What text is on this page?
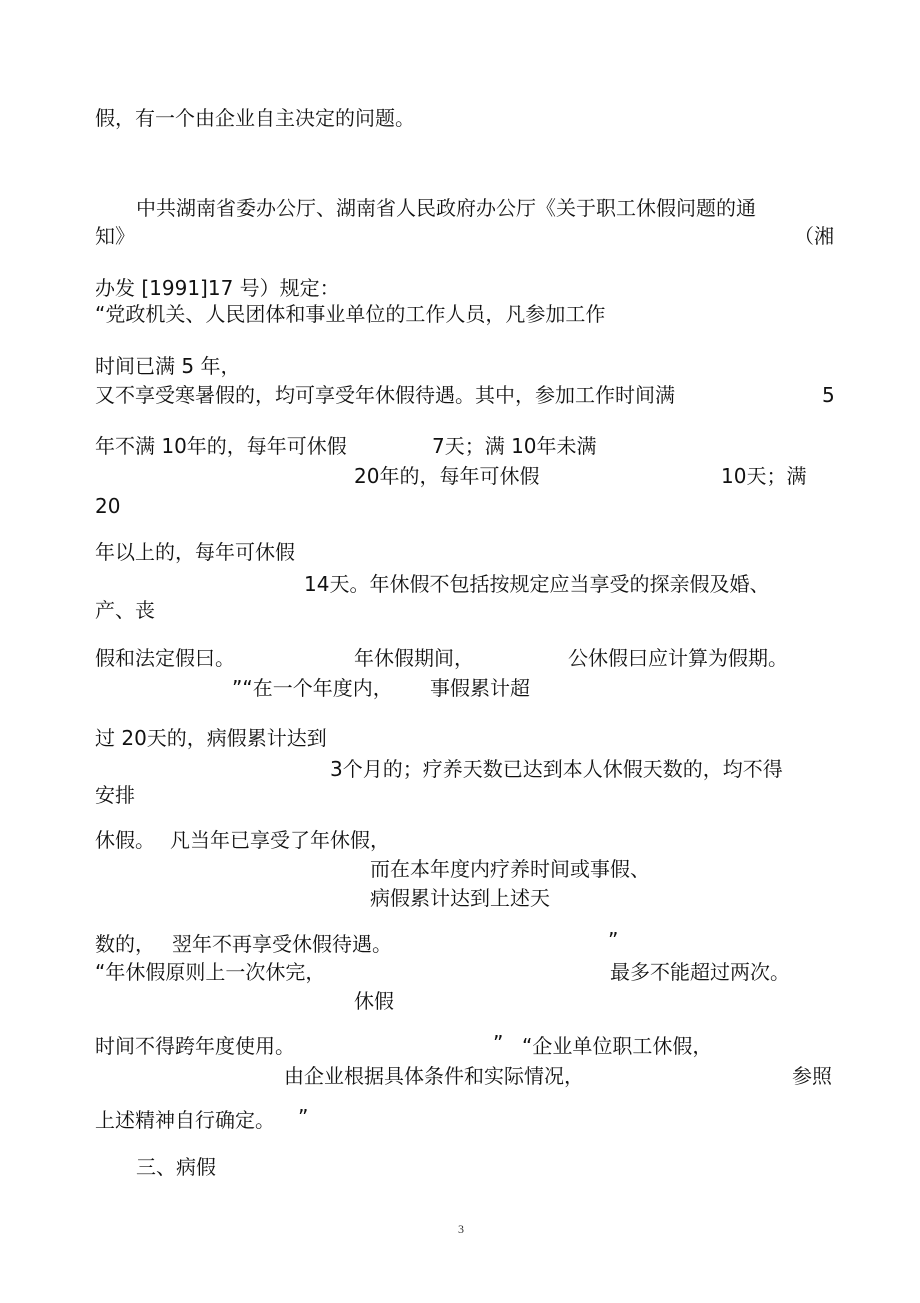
假，有一个由企业自主决定的问题。

中共湖南省委办公厅、湖南省人民政府办公厅《关于职工休假问题的通

知》	（湘

办发 [1991]17 号）规定：

“党政机关、人民团体和事业单位的工作人员，凡参加工作

时间已满 5 年，

又不享受寒暑假的，均可享受年休假待遇。其中，参加工作时间满	5

年不满 10年的，每年可休假	7天；满 10年未满

20年的，每年可休假	10天；满

20

年以上的，每年可休假

14天。年休假不包括按规定应当享受的探亲假及婚、

产、丧

假和法定假曰。	年休假期间，	公休假曰应计算为假期。

”“在一个年度内， 事假累计超

过 20天的，病假累计达到

3个月的；疗养天数已达到本人休假天数的，均不得

安排

休假。 凡当年已享受了年休假，

而在本年度内疗养时间或事假、

病假累计达到上述天

数的， 翌年不再享受休假待遇。	”

“年休假原则上一次休完，	最多不能超过两次。

休假

时间不得跨年度使用。	” “企业单位职工休假，

由企业根据具体条件和实际情况，	参照

上述精神自行确定。 ”

三、病假

3
